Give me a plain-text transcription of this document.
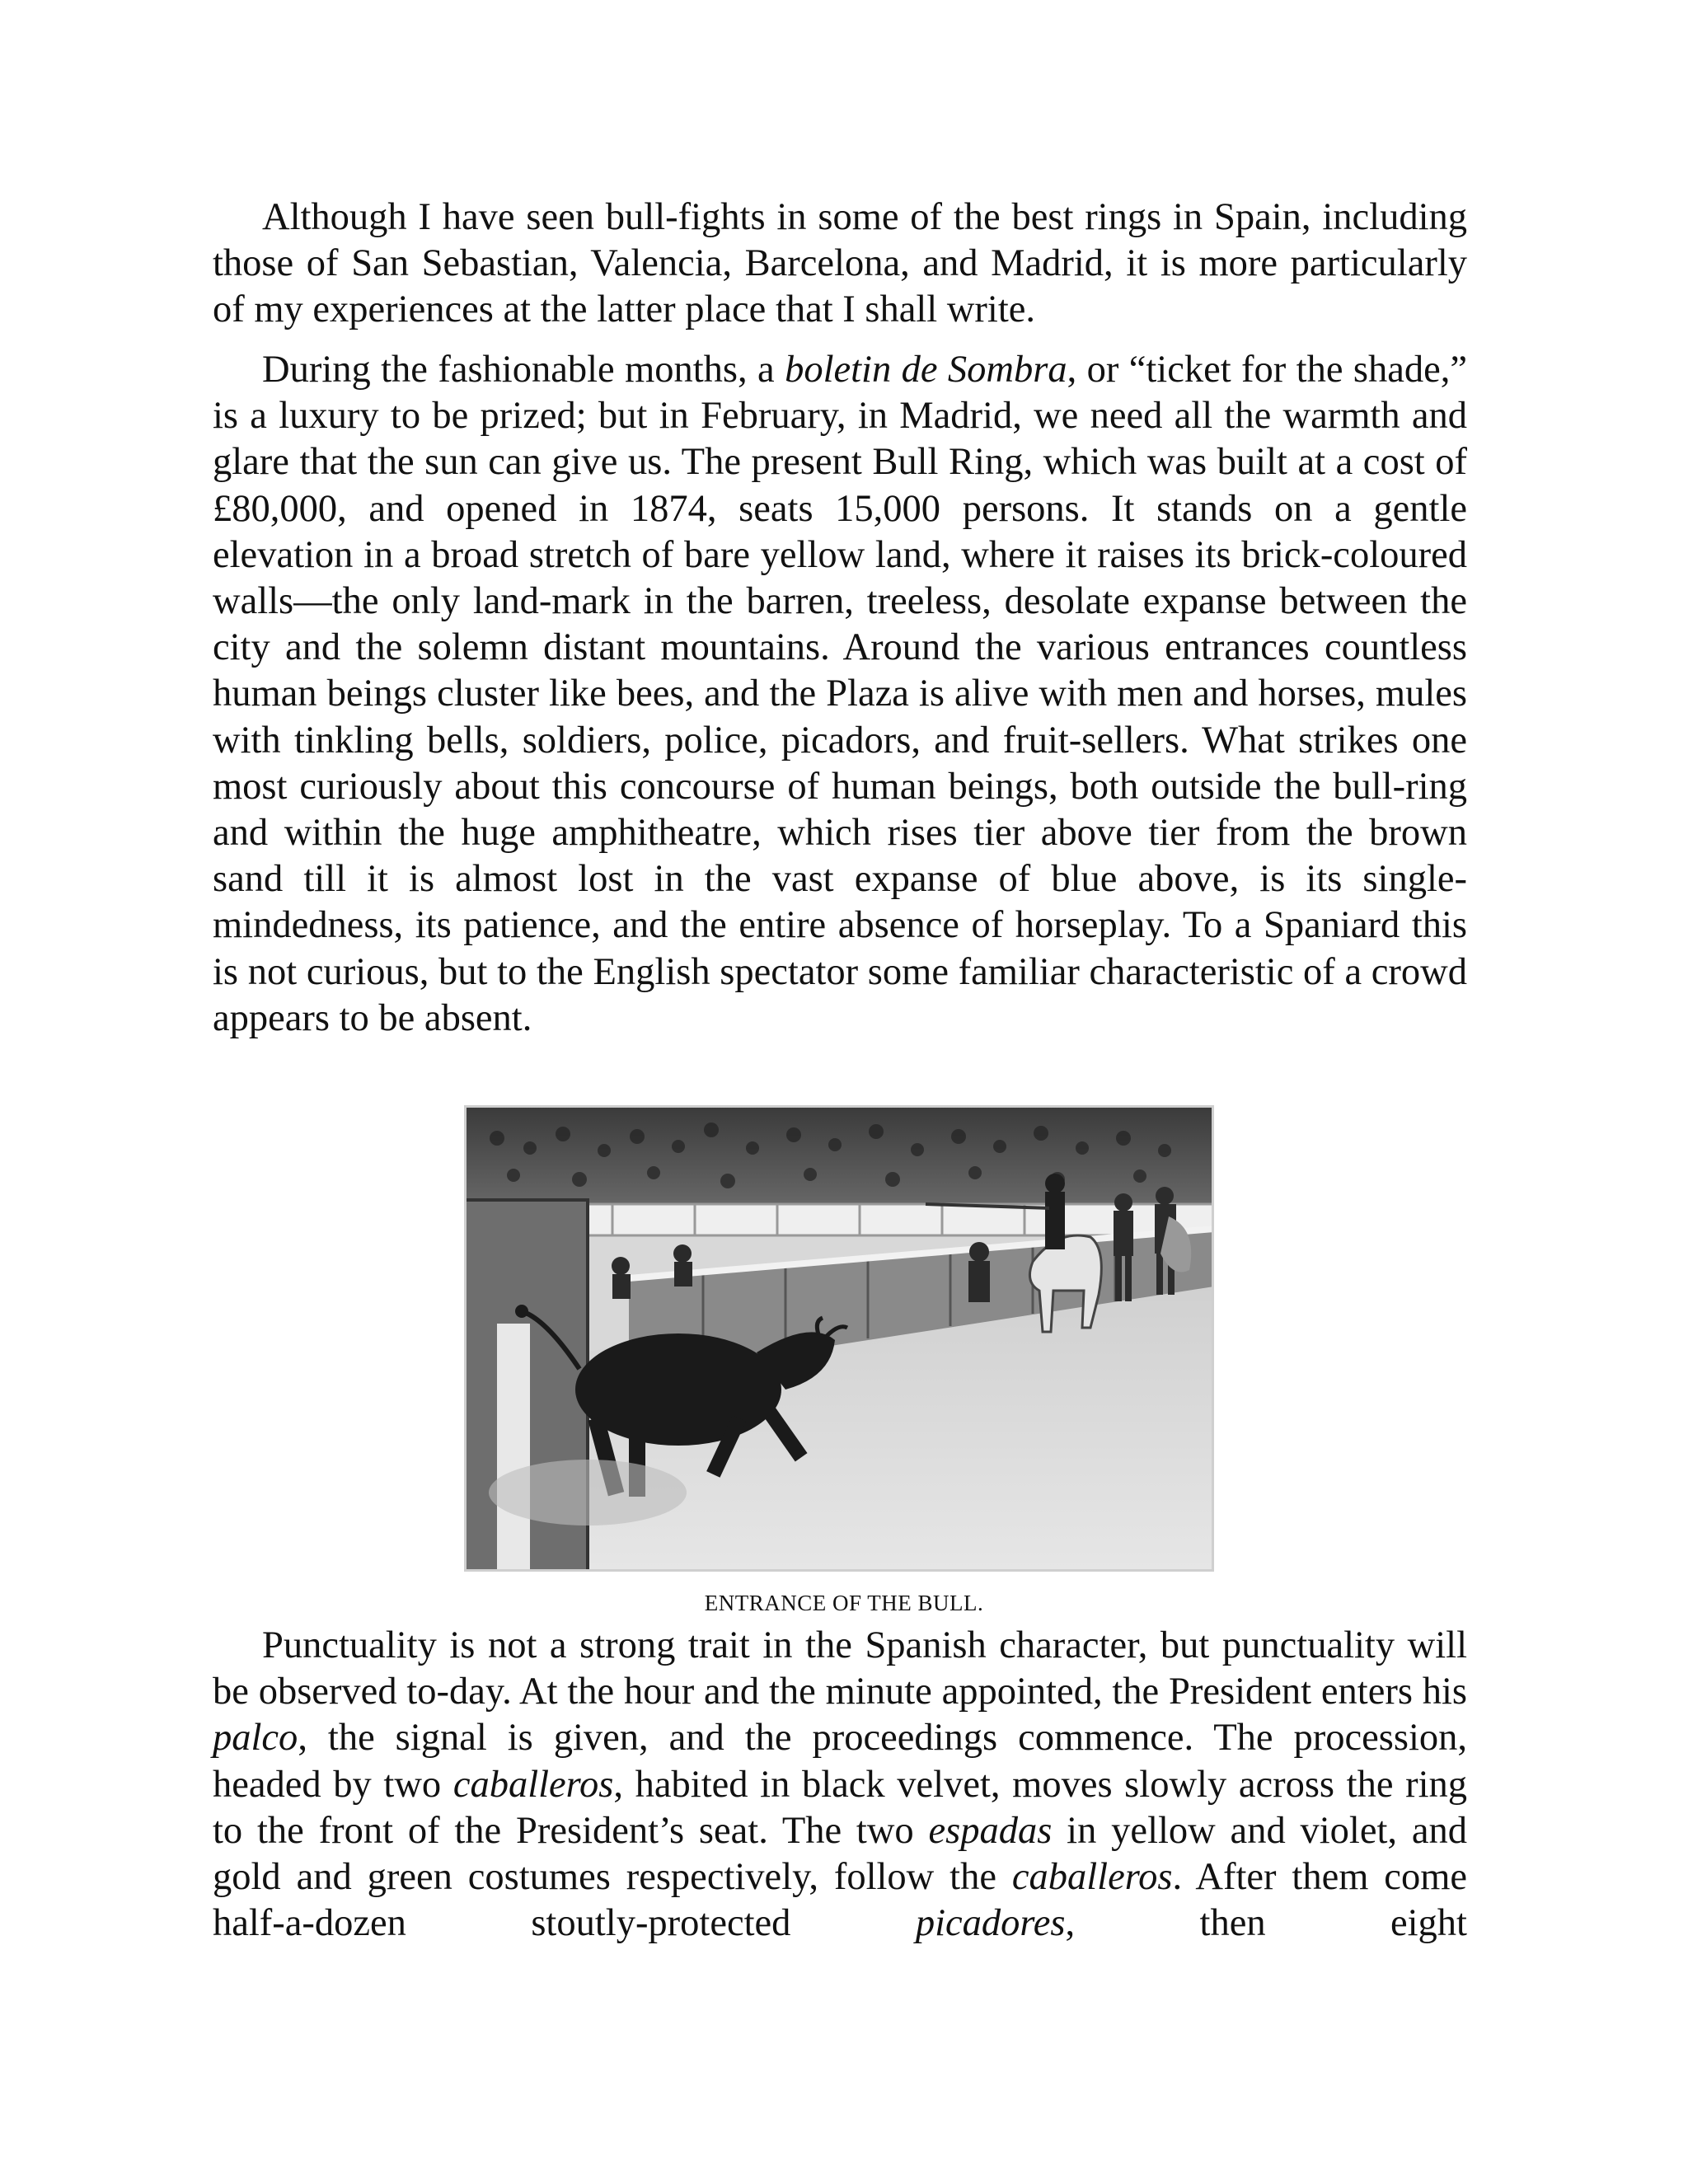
Although I have seen bull-fights in some of the best rings in Spain, including those of San Sebastian, Valencia, Barcelona, and Madrid, it is more particularly of my experiences at the latter place that I shall write.

During the fashionable months, a boletin de Sombra, or “ticket for the shade,” is a luxury to be prized; but in February, in Madrid, we need all the warmth and glare that the sun can give us. The present Bull Ring, which was built at a cost of £80,000, and opened in 1874, seats 15,000 persons. It stands on a gentle elevation in a broad stretch of bare yellow land, where it raises its brick-coloured walls—the only land-mark in the barren, treeless, desolate expanse between the city and the solemn distant mountains. Around the various entrances countless human beings cluster like bees, and the Plaza is alive with men and horses, mules with tinkling bells, soldiers, police, picadors, and fruit-sellers. What strikes one most curiously about this concourse of human beings, both outside the bull-ring and within the huge amphitheatre, which rises tier above tier from the brown sand till it is almost lost in the vast expanse of blue above, is its single-mindedness, its patience, and the entire absence of horseplay. To a Spaniard this is not curious, but to the English spectator some familiar characteristic of a crowd appears to be absent.

ENTRANCE OF THE BULL.

Punctuality is not a strong trait in the Spanish character, but punctuality will be observed to-day. At the hour and the minute appointed, the President enters his palco, the signal is given, and the proceedings commence. The procession, headed by two caballeros, habited in black velvet, moves slowly across the ring to the front of the President’s seat. The two espadas in yellow and violet, and gold and green costumes respectively, follow the caballeros. After them come half-a-dozen stoutly-protected picadores, then eight
